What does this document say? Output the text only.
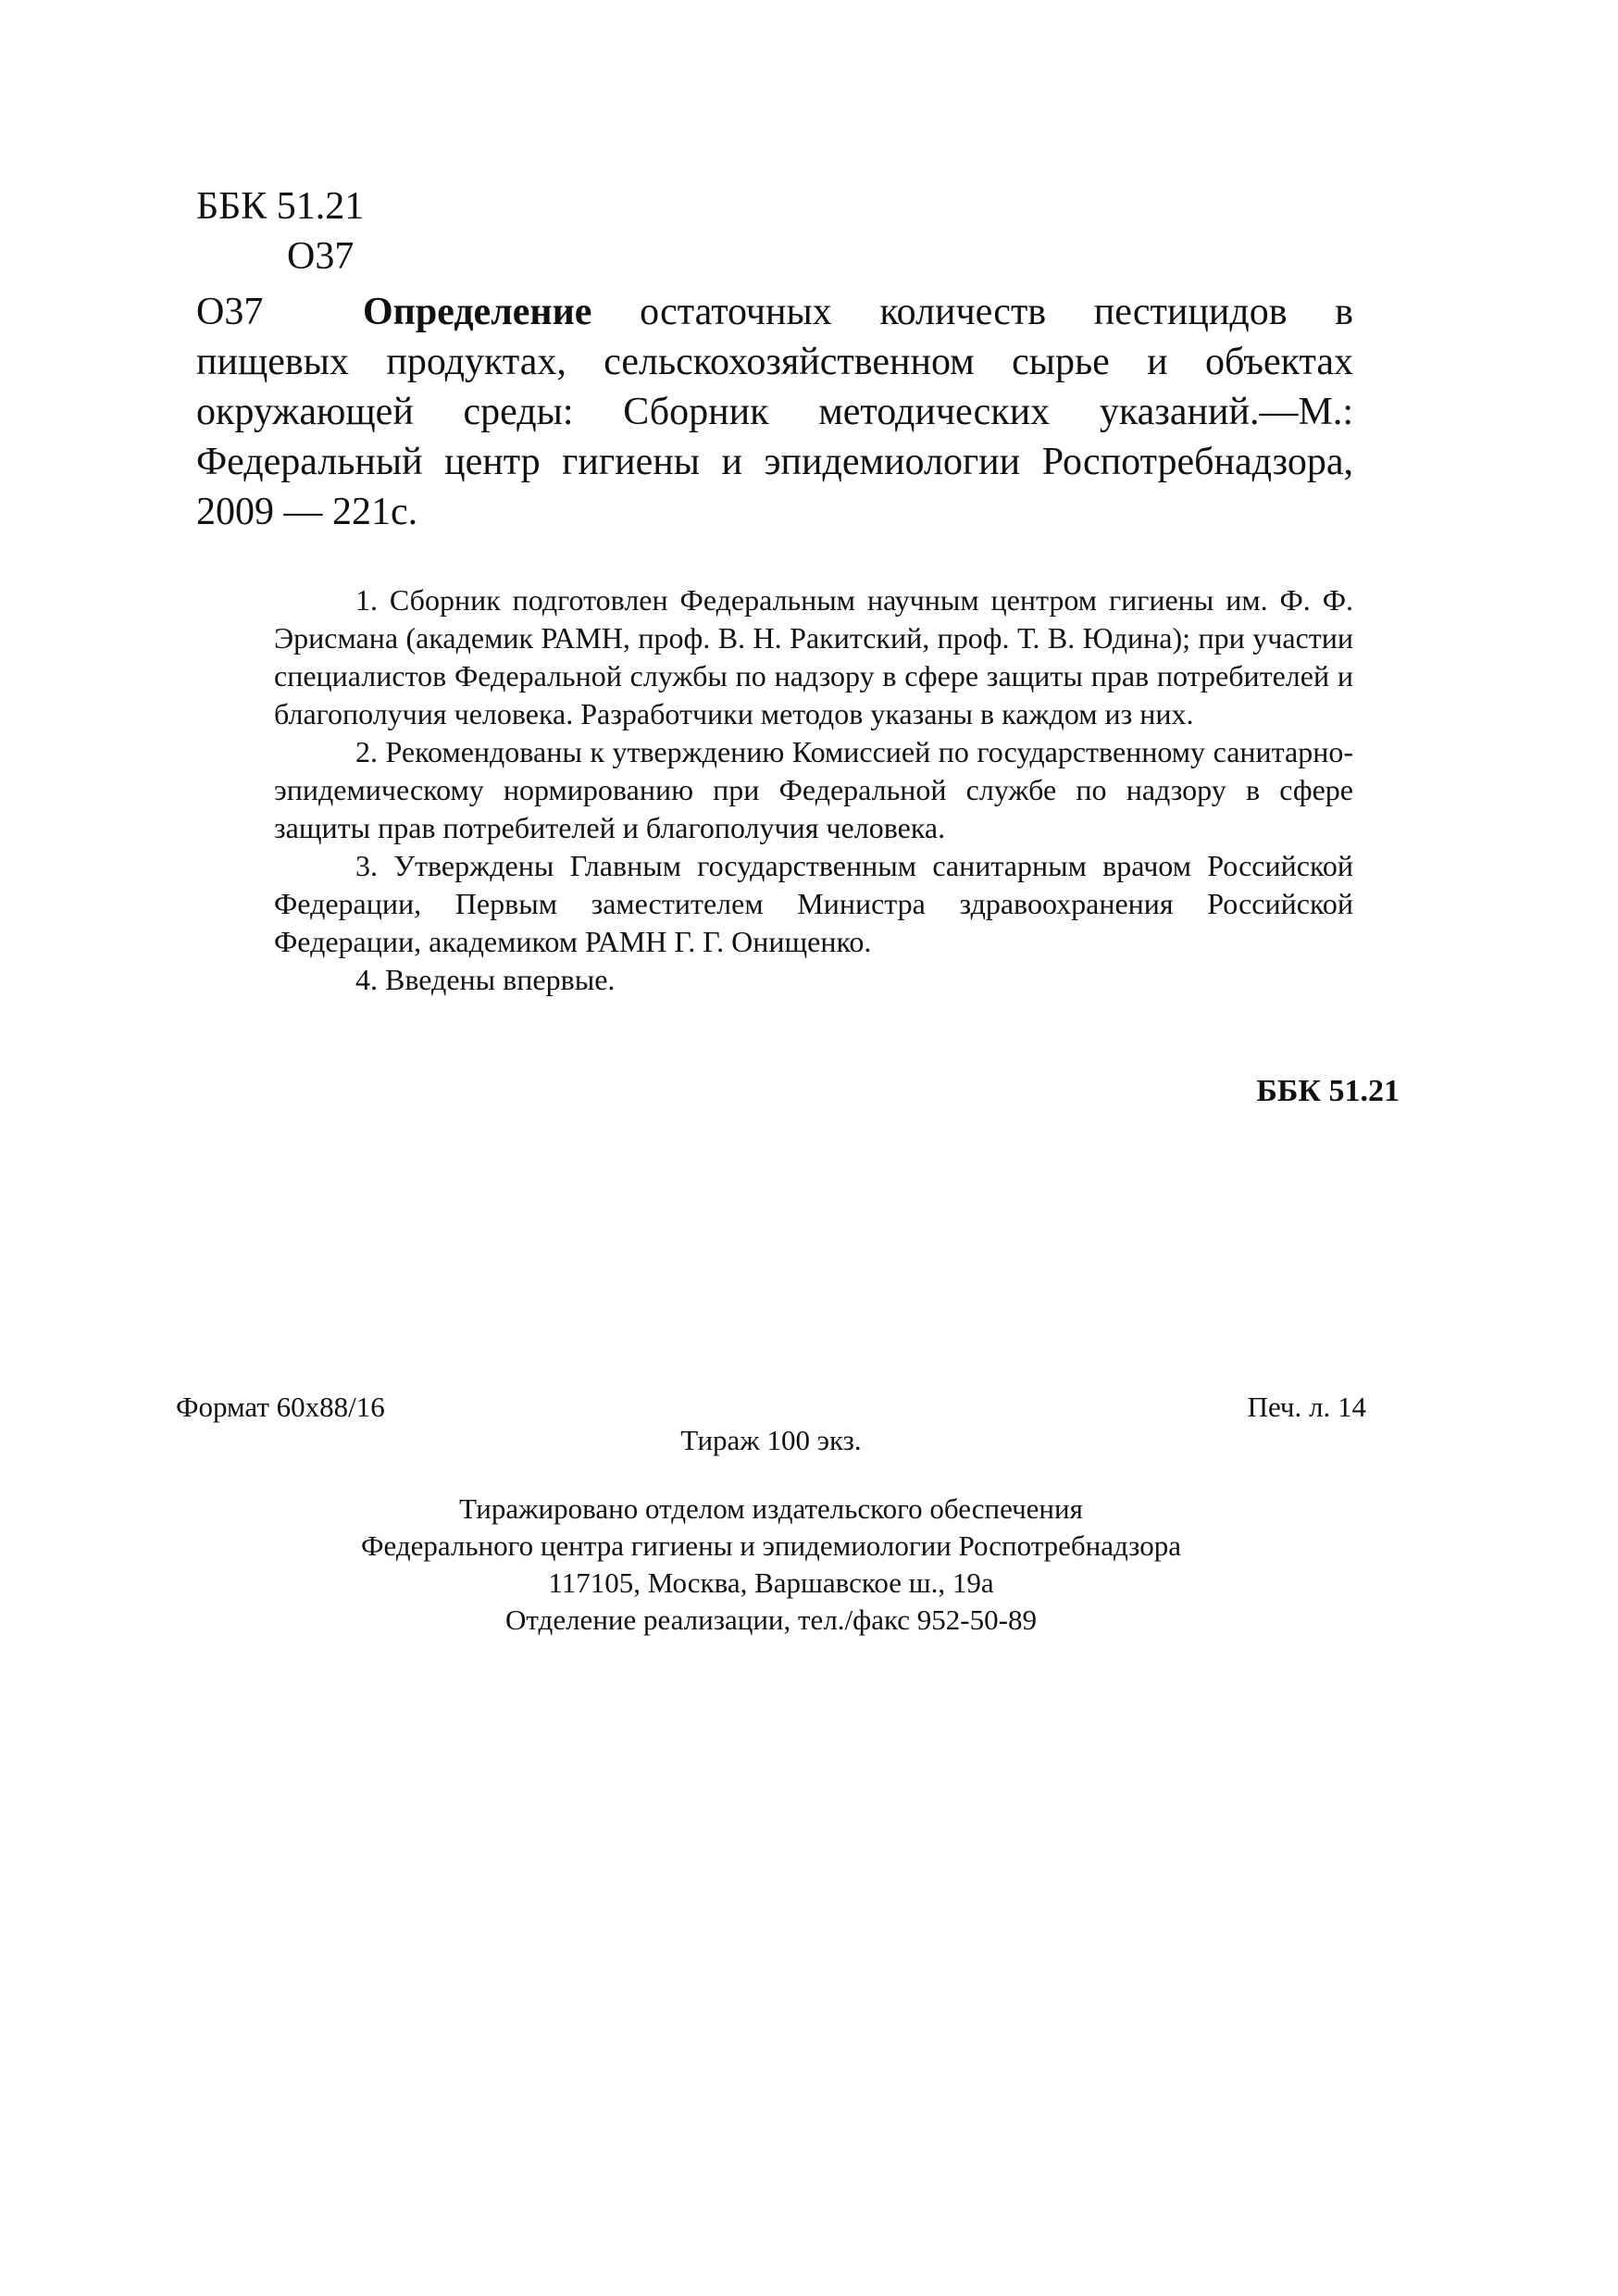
ББК 51.21
О37
О37	Определение остаточных количеств пестицидов в пищевых продуктах, сельскохозяйственном сырье и объектах окружающей среды: Сборник методических указаний.—М.: Федеральный центр гигиены и эпидемиологии Роспотребнадзора, 2009 — 221с.

1. Сборник подготовлен Федеральным научным центром гигиены им. Ф. Ф. Эрисмана (академик РАМН, проф. В. Н. Ракитский, проф. Т. В. Юдина); при участии специалистов Федеральной службы по надзору в сфере защиты прав потребителей и благополучия человека. Разработчики методов указаны в каждом из них.

2. Рекомендованы к утверждению Комиссией по государственному санитарно-эпидемическому нормированию при Федеральной службе по надзору в сфере защиты прав потребителей и благополучия человека.

3. Утверждены Главным государственным санитарным врачом Российской Федерации, Первым заместителем Министра здравоохранения Российской Федерации, академиком РАМН Г. Г. Онищенко.

4. Введены впервые.

ББК 51.21
Формат 60х88/16	Печ. л. 14
Тираж 100 экз.
Тиражировано отделом издательского обеспечения
Федерального центра гигиены и эпидемиологии Роспотребнадзора
117105, Москва, Варшавское ш., 19а
Отделение реализации, тел./факс 952-50-89
